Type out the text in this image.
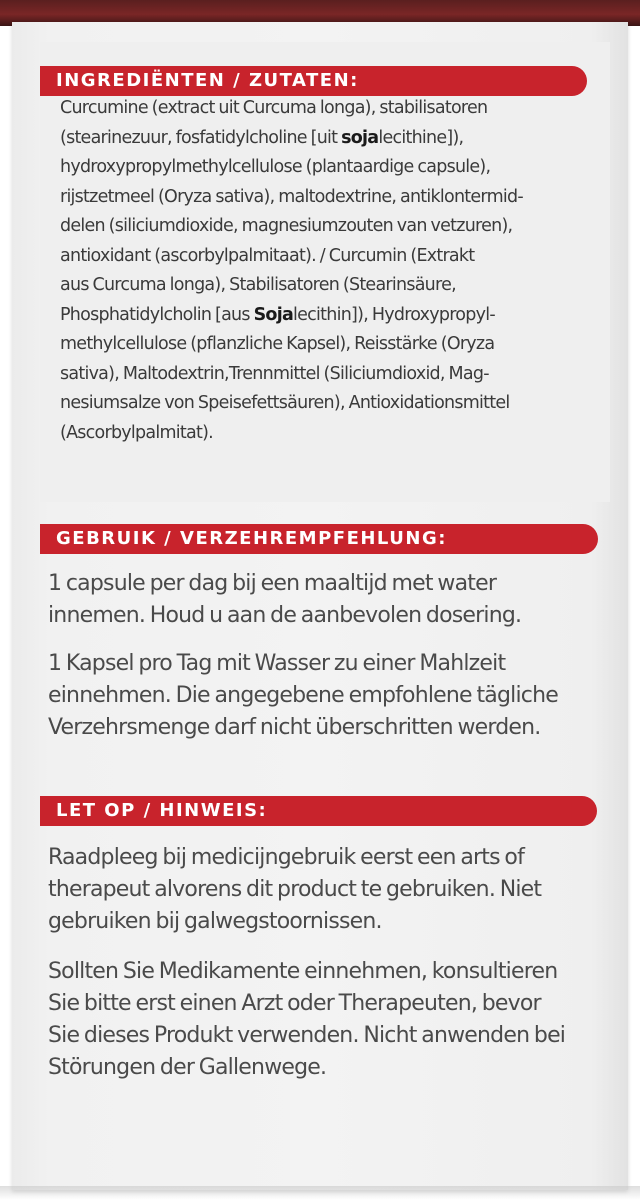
INGREDIËNTEN / ZUTATEN:
Curcumine (extract uit Curcuma longa), stabilisatoren
(stearinezuur, fosfatidylcholine [uit sojalecithine]),
hydroxypropylmethylcellulose (plantaardige capsule),
rijstzetmeel (Oryza sativa), maltodextrine, antiklontermid-
delen (siliciumdioxide, magnesiumzouten van vetzuren),
antioxidant (ascorbylpalmitaat). / Curcumin (Extrakt
aus Curcuma longa), Stabilisatoren (Stearinsäure,
Phosphatidylcholin [aus Sojalecithin]), Hydroxypropyl-
methylcellulose (pflanzliche Kapsel), Reisstärke (Oryza
sativa), Maltodextrin,Trennmittel (Siliciumdioxid, Mag-
nesiumsalze von Speisefettsäuren), Antioxidationsmittel
(Ascorbylpalmitat).
GEBRUIK / VERZEHREMPFEHLUNG:
1 capsule per dag bij een maaltijd met water
innemen. Houd u aan de aanbevolen dosering.
1 Kapsel pro Tag mit Wasser zu einer Mahlzeit
einnehmen. Die angegebene empfohlene tägliche
Verzehrsmenge darf nicht überschritten werden.
LET OP / HINWEIS:
Raadpleeg bij medicijngebruik eerst een arts of
therapeut alvorens dit product te gebruiken. Niet
gebruiken bij galwegstoornissen.
Sollten Sie Medikamente einnehmen, konsultieren
Sie bitte erst einen Arzt oder Therapeuten, bevor
Sie dieses Produkt verwenden. Nicht anwenden bei
Störungen der Gallenwege.
